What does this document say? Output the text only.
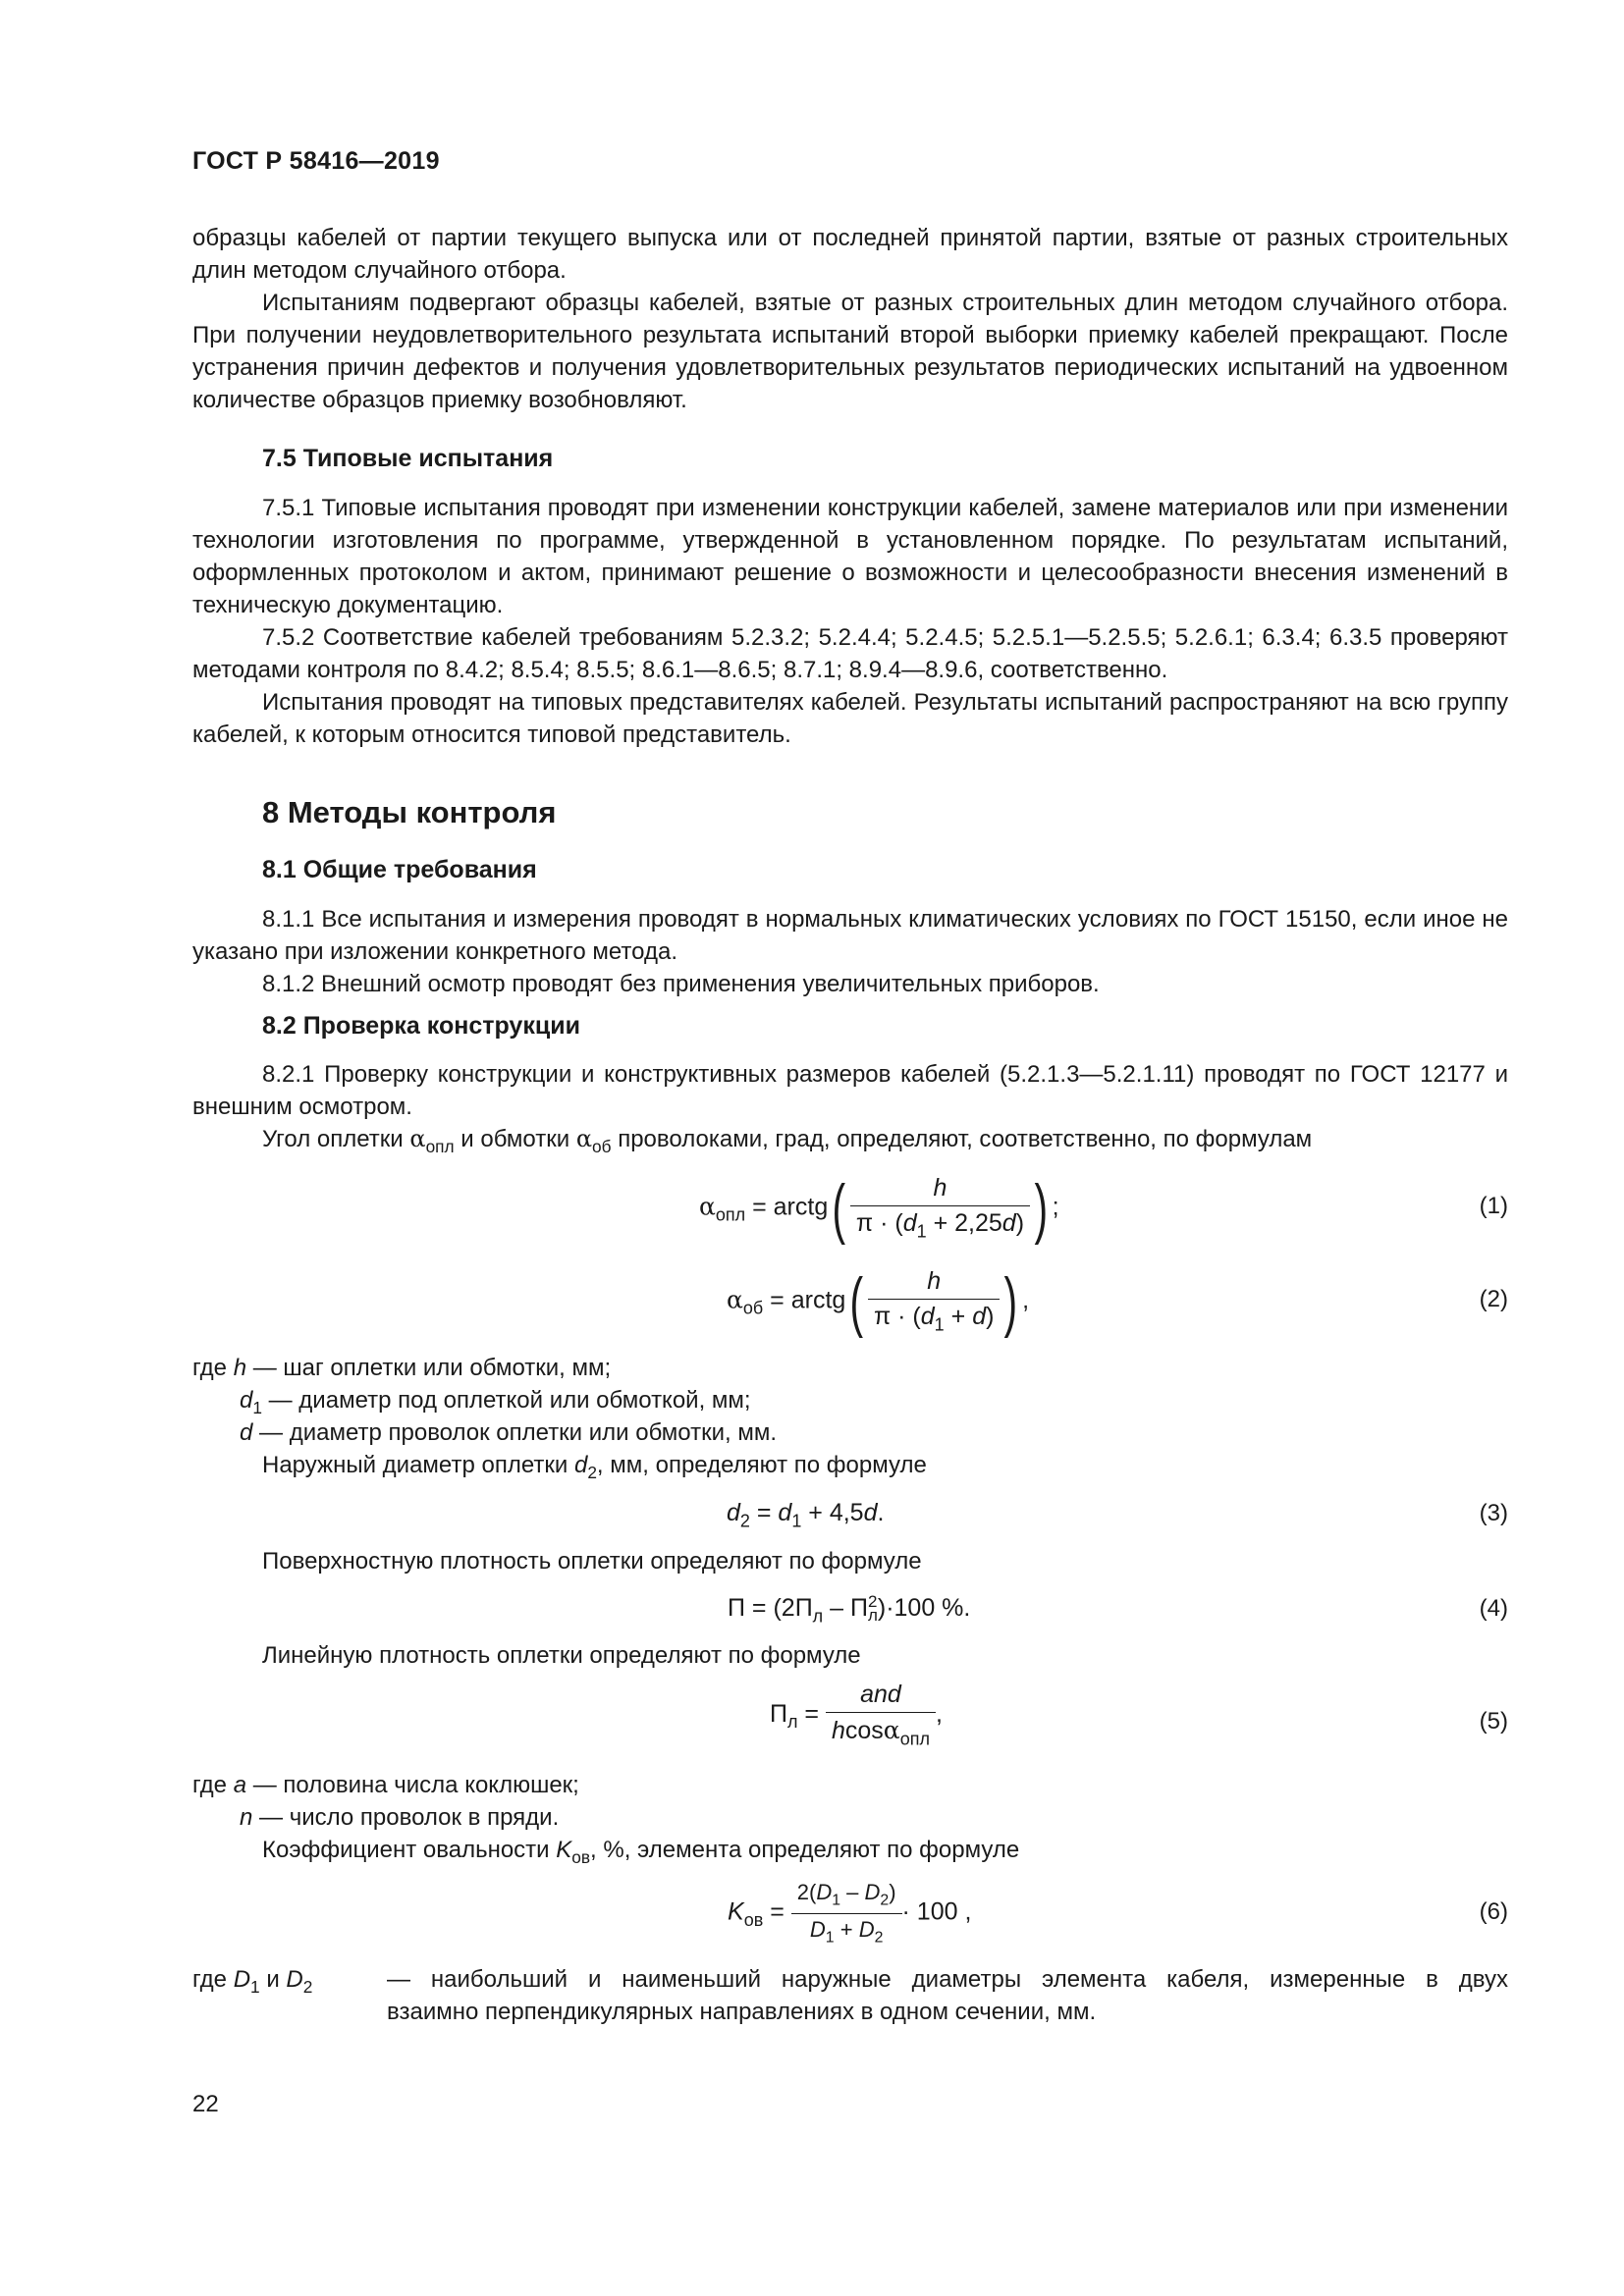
ГОСТ Р 58416—2019

образцы кабелей от партии текущего выпуска или от последней принятой партии, взятые от разных строительных длин методом случайного отбора.

Испытаниям подвергают образцы кабелей, взятые от разных строительных длин методом случайного отбора. При получении неудовлетворительного результата испытаний второй выборки приемку кабелей прекращают. После устранения причин дефектов и получения удовлетворительных результатов периодических испытаний на удвоенном количестве образцов приемку возобновляют.

7.5 Типовые испытания

7.5.1 Типовые испытания проводят при изменении конструкции кабелей, замене материалов или при изменении технологии изготовления по программе, утвержденной в установленном порядке. По результатам испытаний, оформленных протоколом и актом, принимают решение о возможности и целесообразности внесения изменений в техническую документацию.

7.5.2 Соответствие кабелей требованиям 5.2.3.2; 5.2.4.4; 5.2.4.5; 5.2.5.1—5.2.5.5; 5.2.6.1; 6.3.4; 6.3.5 проверяют методами контроля по 8.4.2; 8.5.4; 8.5.5; 8.6.1—8.6.5; 8.7.1; 8.9.4—8.9.6, соответственно.

Испытания проводят на типовых представителях кабелей. Результаты испытаний распространяют на всю группу кабелей, к которым относится типовой представитель.

8 Методы контроля
8.1 Общие требования

8.1.1 Все испытания и измерения проводят в нормальных климатических условиях по ГОСТ 15150, если иное не указано при изложении конкретного метода.

8.1.2 Внешний осмотр проводят без применения увеличительных приборов.

8.2 Проверка конструкции

8.2.1 Проверку конструкции и конструктивных размеров кабелей (5.2.1.3—5.2.1.11) проводят по ГОСТ 12177 и внешним осмотром.

Угол оплетки $\alpha_{опл}$ и обмотки $\alpha_{об}$ проволоками, град, определяют, соответственно, по формулам

$\alpha_{опл}$ = arctg( $\frac{h}{\pi \cdot (d_1 + 2,25d)}$ ) ;	(1)
$\alpha_{об}$ = arctg( $\frac{h}{\pi \cdot (d_1 + d)}$ ) ,	(2)
где h — шаг оплетки или обмотки, мм;
$d_1$ — диаметр под оплеткой или обмоткой, мм;
d — диаметр проволок оплетки или обмотки, мм.
Наружный диаметр оплетки $d_2$, мм, определяют по формуле
$d_2 = d_1 + 4,5d$.	(3)
Поверхностную плотность оплетки определяют по формуле
$П = (2П_л - П$ 2
л )·100 %.	(4)
Линейную плотность оплетки определяют по формуле
$П_л = \frac{\text{and}}{hcos\alpha_{опл}}$ ,	(5)
где a — половина числа коклюшек;
n — число проволок в пряди.
Коэффициент овальности $K_{ов}$, %, элемента определяют по формуле
$K_{ов} = \frac{2(D_1 - D_2)}{D_1 + D_2} \cdot 100$ ,	(6)
где $D_1$ и $D_2$	— наибольший и наименьший наружные диаметры элемента кабеля, измеренные в двух
взаимно перпендикулярных направлениях в одном сечении, мм.
22
